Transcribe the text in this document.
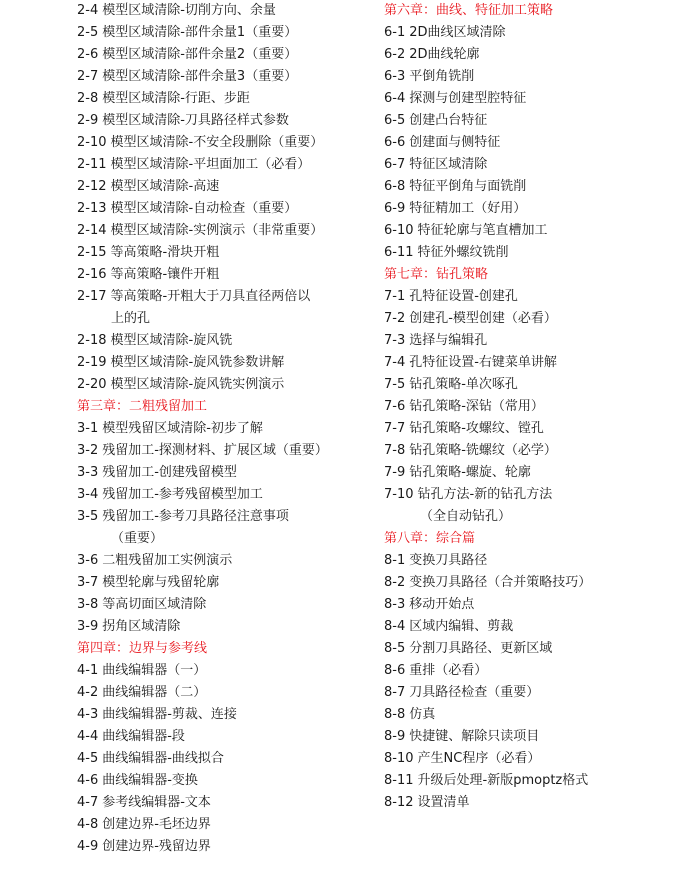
2-4 模型区域清除-切削方向、余量
2-5 模型区域清除-部件余量1（重要）
2-6 模型区域清除-部件余量2（重要）
2-7 模型区域清除-部件余量3（重要）
2-8 模型区域清除-行距、步距
2-9 模型区域清除-刀具路径样式参数
2-10 模型区域清除-不安全段删除（重要）
2-11 模型区域清除-平坦面加工（必看）
2-12 模型区域清除-高速
2-13 模型区域清除-自动检查（重要）
2-14 模型区域清除-实例演示（非常重要）
2-15 等高策略-滑块开粗
2-16 等高策略-镶件开粗
2-17 等高策略-开粗大于刀具直径两倍以
上的孔
2-18 模型区域清除-旋风铣
2-19 模型区域清除-旋风铣参数讲解
2-20 模型区域清除-旋风铣实例演示
第三章：二粗残留加工
3-1 模型残留区域清除-初步了解
3-2 残留加工-探测材料、扩展区域（重要）
3-3 残留加工-创建残留模型
3-4 残留加工-参考残留模型加工
3-5 残留加工-参考刀具路径注意事项
（重要）
3-6 二粗残留加工实例演示
3-7 模型轮廓与残留轮廓
3-8 等高切面区域清除
3-9 拐角区域清除
第四章：边界与参考线
4-1 曲线编辑器（一）
4-2 曲线编辑器（二）
4-3 曲线编辑器-剪裁、连接
4-4 曲线编辑器-段
4-5 曲线编辑器-曲线拟合
4-6 曲线编辑器-变换
4-7 参考线编辑器-文本
4-8 创建边界-毛坯边界
4-9 创建边界-残留边界
第六章：曲线、特征加工策略
6-1 2D曲线区域清除
6-2 2D曲线轮廓
6-3 平倒角铣削
6-4 探测与创建型腔特征
6-5 创建凸台特征
6-6 创建面与侧特征
6-7 特征区域清除
6-8 特征平倒角与面铣削
6-9 特征精加工（好用）
6-10 特征轮廓与笔直槽加工
6-11 特征外螺纹铣削
第七章：钻孔策略
7-1 孔特征设置-创建孔
7-2 创建孔-模型创建（必看）
7-3 选择与编辑孔
7-4 孔特征设置-右键菜单讲解
7-5 钻孔策略-单次啄孔
7-6 钻孔策略-深钻（常用）
7-7 钻孔策略-攻螺纹、镗孔
7-8 钻孔策略-铣螺纹（必学）
7-9 钻孔策略-螺旋、轮廓
7-10 钻孔方法-新的钻孔方法
（全自动钻孔）
第八章：综合篇
8-1 变换刀具路径
8-2 变换刀具路径（合并策略技巧）
8-3 移动开始点
8-4 区域内编辑、剪裁
8-5 分割刀具路径、更新区域
8-6 重排（必看）
8-7 刀具路径检查（重要）
8-8 仿真
8-9 快捷键、解除只读项目
8-10 产生NC程序（必看）
8-11 升级后处理-新版pmoptz格式
8-12 设置清单
